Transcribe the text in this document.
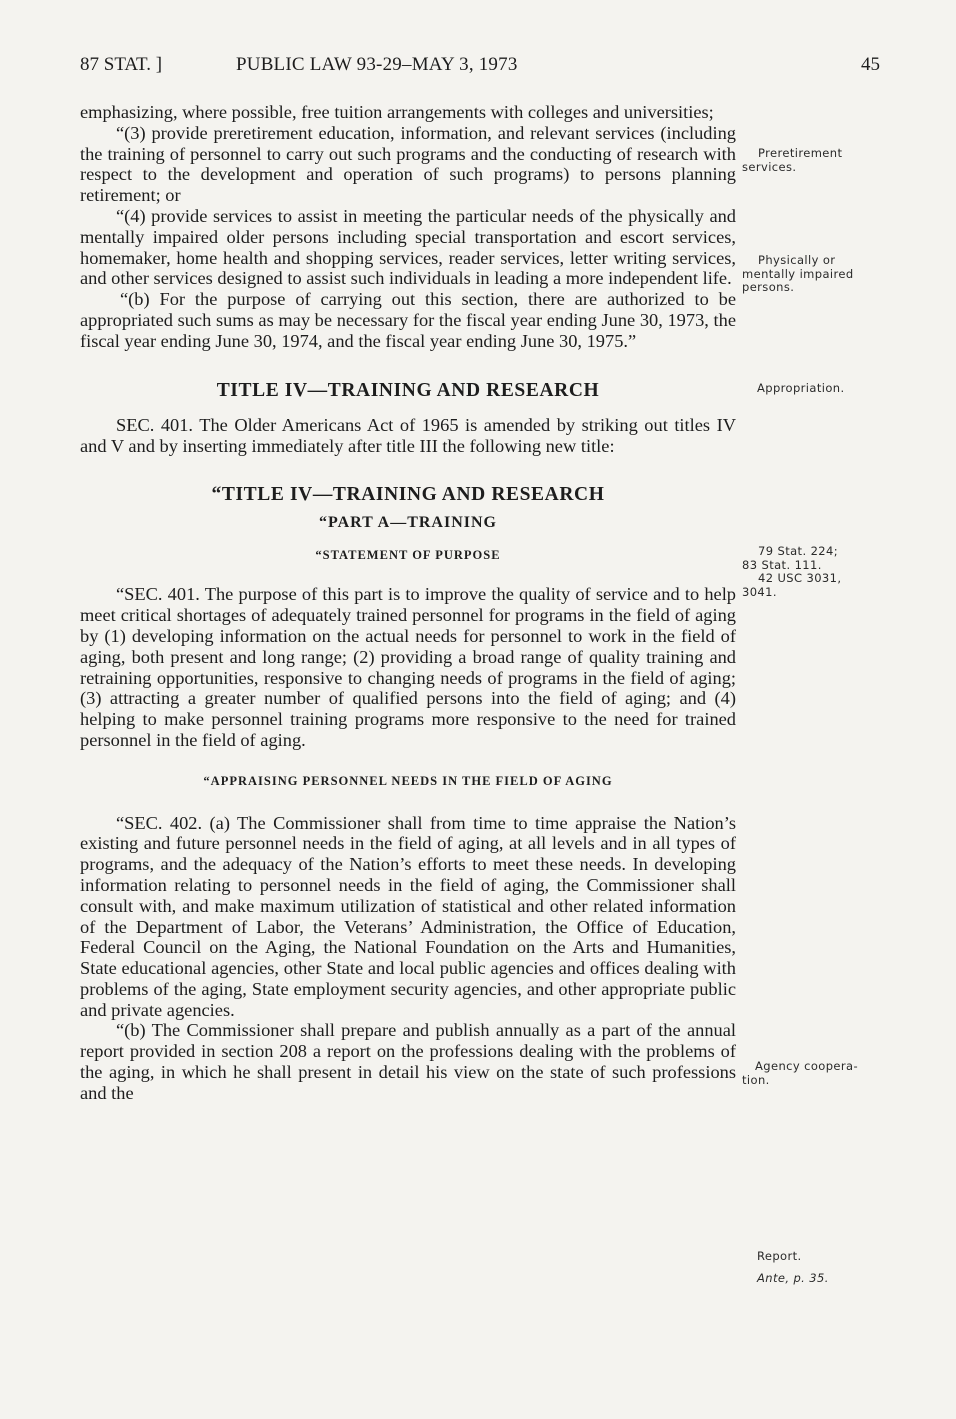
87 STAT. ]	PUBLIC LAW 93-29–MAY 3, 1973	45

emphasizing, where possible, free tuition arrangements with colleges and universities;

“(3) provide preretirement education, information, and relevant services (including the training of personnel to carry out such programs and the conducting of research with respect to the development and operation of such programs) to persons planning retirement; or

“(4) provide services to assist in meeting the particular needs of the physically and mentally impaired older persons including special transportation and escort services, homemaker, home health and shopping services, reader services, letter writing services, and other services designed to assist such individuals in leading a more independent life.

“(b) For the purpose of carrying out this section, there are authorized to be appropriated such sums as may be necessary for the fiscal year ending June 30, 1973, the fiscal year ending June 30, 1974, and the fiscal year ending June 30, 1975.”

TITLE IV—TRAINING AND RESEARCH

SEC. 401. The Older Americans Act of 1965 is amended by striking out titles IV and V and by inserting immediately after title III the following new title:

“TITLE IV—TRAINING AND RESEARCH
“PART A—TRAINING
“STATEMENT OF PURPOSE

“SEC. 401. The purpose of this part is to improve the quality of service and to help meet critical shortages of adequately trained personnel for programs in the field of aging by (1) developing information on the actual needs for personnel to work in the field of aging, both present and long range; (2) providing a broad range of quality training and retraining opportunities, responsive to changing needs of programs in the field of aging; (3) attracting a greater number of qualified persons into the field of aging; and (4) helping to make personnel training programs more responsive to the need for trained personnel in the field of aging.

“APPRAISING PERSONNEL NEEDS IN THE FIELD OF AGING

“SEC. 402. (a) The Commissioner shall from time to time appraise the Nation’s existing and future personnel needs in the field of aging, at all levels and in all types of programs, and the adequacy of the Nation’s efforts to meet these needs. In developing information relating to personnel needs in the field of aging, the Commissioner shall consult with, and make maximum utilization of statistical and other related information of the Department of Labor, the Veterans’ Administration, the Office of Education, Federal Council on the Aging, the National Foundation on the Arts and Humanities, State educational agencies, other State and local public agencies and offices dealing with problems of the aging, State employment security agencies, and other appropriate public and private agencies.

“(b) The Commissioner shall prepare and publish annually as a part of the annual report provided in section 208 a report on the professions dealing with the problems of the aging, in which he shall present in detail his view on the state of such professions and the

Preretirement
services.
Physically or
mentally impaired
persons.
Appropriation.
79 Stat. 224;
83 Stat. 111.
42 USC 3031,
3041.
Agency coopera-
tion.
Report.
Ante, p. 35.
